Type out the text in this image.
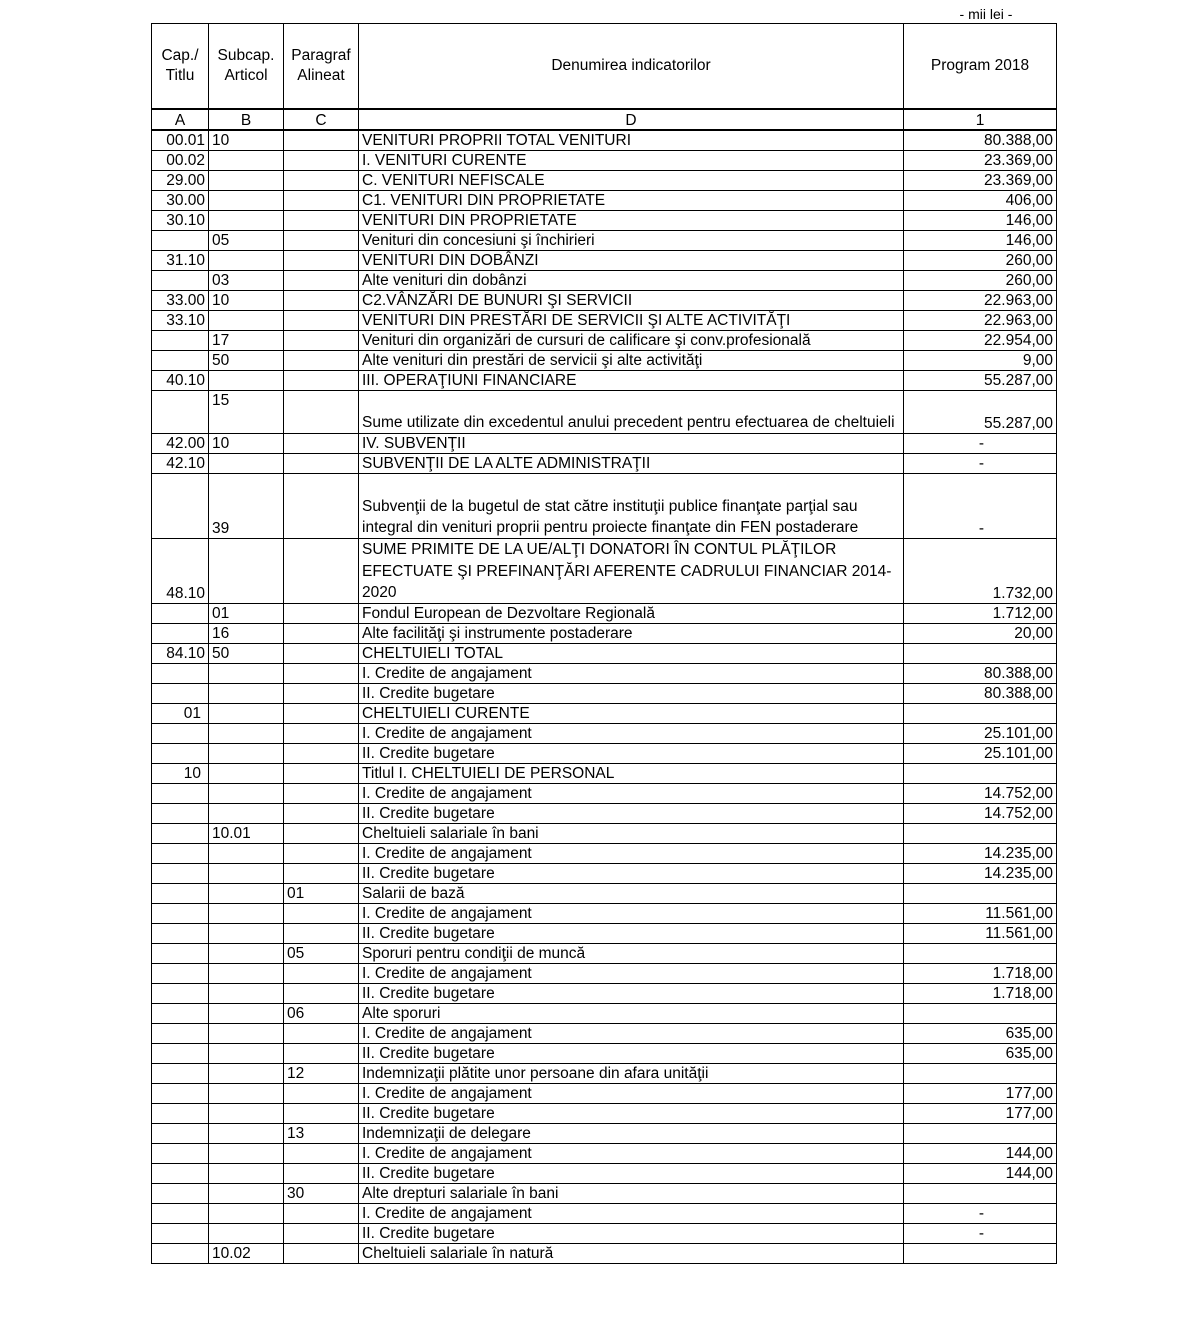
- mii lei -
Cap./ Titlu	Subcap. Articol	Paragraf Alineat	Denumirea indicatorilor	Program 2018
A	B	C	D	1
00.01	10		VENITURI PROPRII TOTAL VENITURI	80.388,00
00.02			I. VENITURI CURENTE	23.369,00
29.00			C. VENITURI NEFISCALE	23.369,00
30.00			C1. VENITURI DIN PROPRIETATE	406,00
30.10			VENITURI DIN PROPRIETATE	146,00
	05		Venituri din concesiuni şi închirieri	146,00
31.10			VENITURI DIN DOBÂNZI	260,00
	03		Alte venituri din dobânzi	260,00
33.00	10		C2.VÂNZĂRI DE BUNURI ŞI SERVICII	22.963,00
33.10			VENITURI DIN PRESTĂRI DE SERVICII ŞI ALTE ACTIVITĂŢI	22.963,00
	17		Venituri din organizări de cursuri de calificare şi conv.profesională	22.954,00
	50		Alte venituri din prestări de servicii şi alte activităţi	9,00
40.10			III. OPERAŢIUNI FINANCIARE	55.287,00
	15		Sume utilizate din excedentul anului precedent pentru efectuarea de cheltuieli	55.287,00
42.00	10		IV. SUBVENŢII	-
42.10			SUBVENŢII DE LA ALTE ADMINISTRAŢII	-
	39		Subvenţii de la bugetul de stat către instituţii publice finanţate parţial sau integral din venituri proprii pentru proiecte finanţate din FEN postaderare	-
48.10			SUME PRIMITE DE LA UE/ALŢI DONATORI ÎN CONTUL PLĂŢILOR EFECTUATE ŞI PREFINANŢĂRI AFERENTE CADRULUI FINANCIAR 2014-2020	1.732,00
	01		Fondul European de Dezvoltare Regională	1.712,00
	16		Alte facilităţi şi instrumente postaderare	20,00
84.10	50		CHELTUIELI TOTAL	
			I. Credite de angajament	80.388,00
			II. Credite bugetare	80.388,00
01			CHELTUIELI CURENTE	
			I. Credite de angajament	25.101,00
			II. Credite bugetare	25.101,00
10			Titlul I. CHELTUIELI DE PERSONAL	
			I. Credite de angajament	14.752,00
			II. Credite bugetare	14.752,00
	10.01		Cheltuieli salariale în bani	
			I. Credite de angajament	14.235,00
			II. Credite bugetare	14.235,00
		01	Salarii de bază	
			I. Credite de angajament	11.561,00
			II. Credite bugetare	11.561,00
		05	Sporuri pentru condiţii de muncă	
			I. Credite de angajament	1.718,00
			II. Credite bugetare	1.718,00
		06	Alte sporuri	
			I. Credite de angajament	635,00
			II. Credite bugetare	635,00
		12	Indemnizaţii plătite unor persoane din afara unităţii	
			I. Credite de angajament	177,00
			II. Credite bugetare	177,00
		13	Indemnizaţii de delegare	
			I. Credite de angajament	144,00
			II. Credite bugetare	144,00
		30	Alte drepturi salariale în bani	
			I. Credite de angajament	-
			II. Credite bugetare	-
	10.02		Cheltuieli salariale în natură	
